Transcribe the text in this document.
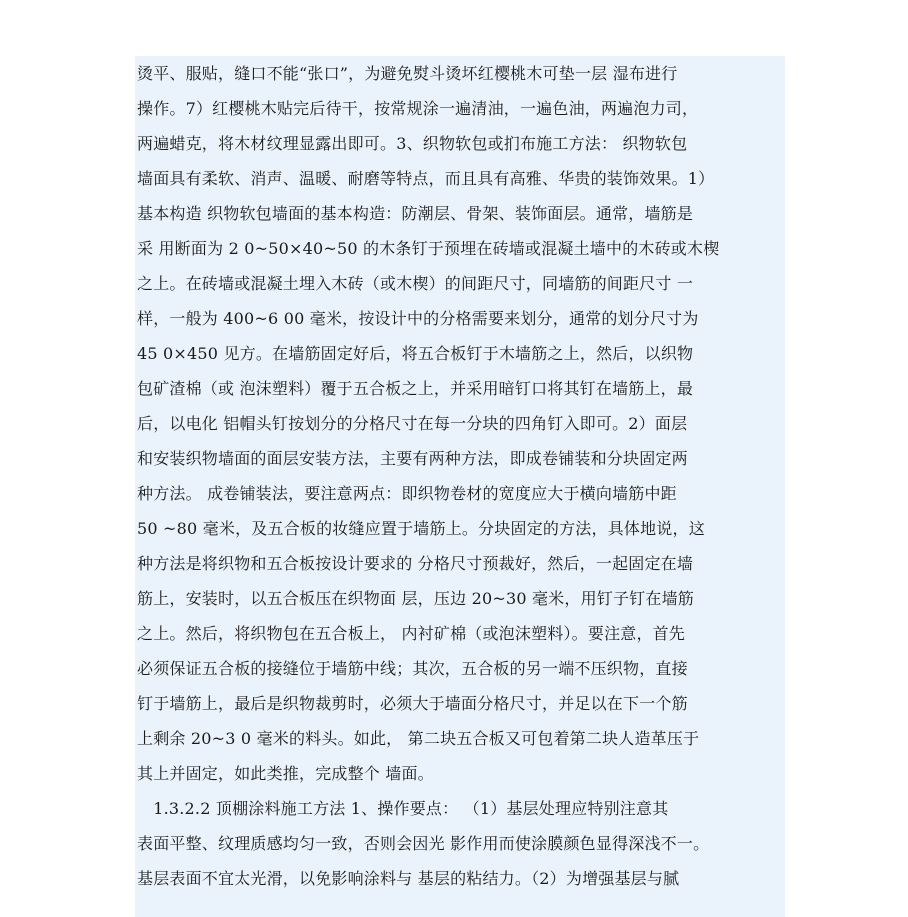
烫平、服贴，缝口不能“张口”，为避免熨斗烫坏红樱桃木可垫一层 湿布进行
操作。7）红樱桃木贴完后待干，按常规涂一遍清油，一遍色油，两遍泡力司，
两遍蜡克，将木材纹理显露出即可。3、织物软包或扪布施工方法： 织物软包
墙面具有柔软、消声、温暖、耐磨等特点，而且具有高雅、华贵的装饰效果。1）
基本构造 织物软包墙面的基本构造：防潮层、骨架、装饰面层。通常，墙筋是
采 用断面为 2 0~50×40~50 的木条钉于预埋在砖墙或混凝土墙中的木砖或木楔
之上。在砖墙或混凝土埋入木砖（或木楔）的间距尺寸，同墙筋的间距尺寸 一
样，一般为 400~6 00 毫米，按设计中的分格需要来划分，通常的划分尺寸为
45 0×450 见方。在墙筋固定好后，将五合板钉于木墙筋之上，然后，以织物
包矿渣棉（或 泡沫塑料）覆于五合板之上，并采用暗钉口将其钉在墙筋上，最
后，以电化 铝帽头钉按划分的分格尺寸在每一分块的四角钉入即可。2）面层
和安装织物墙面的面层安装方法，主要有两种方法，即成卷铺装和分块固定两
种方法。 成卷铺装法，要注意两点：即织物卷材的宽度应大于横向墙筋中距
50 ~80 毫米，及五合板的妆缝应置于墙筋上。分块固定的方法，具体地说，这
种方法是将织物和五合板按设计要求的 分格尺寸预裁好，然后，一起固定在墙
筋上，安装时，以五合板压在织物面 层，压边 20~30 毫米，用钉子钉在墙筋
之上。然后，将织物包在五合板上， 内衬矿棉（或泡沫塑料）。要注意，首先
必须保证五合板的接缝位于墙筋中线；其次，五合板的另一端不压织物，直接
钉于墙筋上，最后是织物裁剪时，必须大于墙面分格尺寸，并足以在下一个筋
上剩余 20~3 0 毫米的料头。如此， 第二块五合板又可包着第二块人造革压于
其上并固定，如此类推，完成整个 墙面。
　1.3.2.2 顶棚涂料施工方法 1、操作要点： （1）基层处理应特别注意其
表面平整、纹理质感均匀一致，否则会因光 影作用而使涂膜颜色显得深浅不一。
基层表面不宜太光滑，以免影响涂料与 基层的粘结力。（2）为增强基层与腻
